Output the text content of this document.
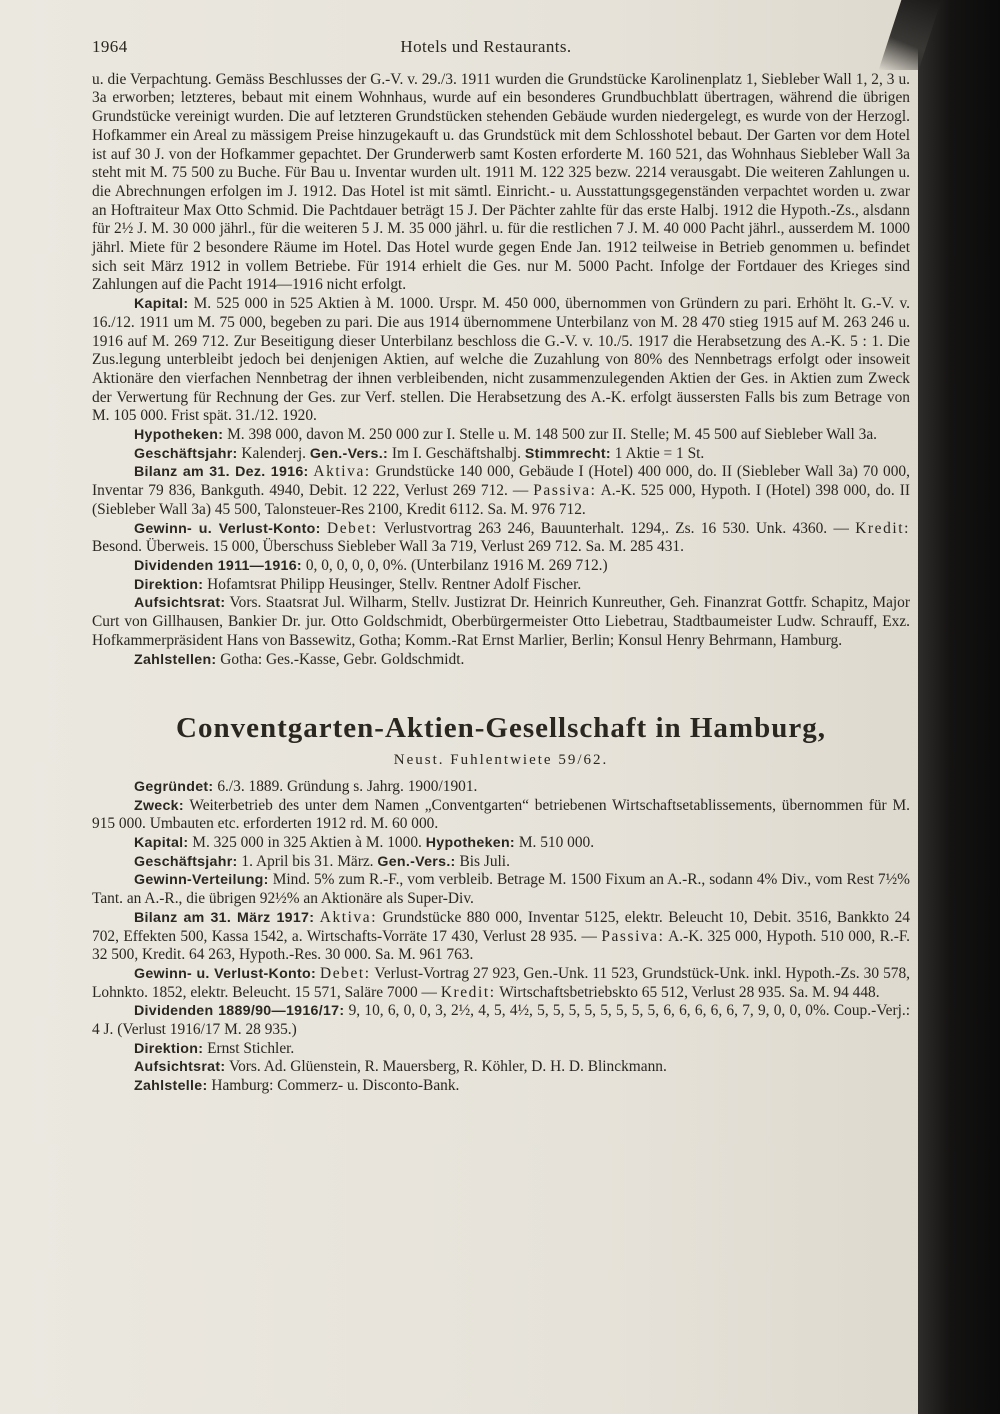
1964	Hotels und Restaurants.

u. die Verpachtung. Gemäss Beschlusses der G.-V. v. 29./3. 1911 wurden die Grundstücke Karolinenplatz 1, Siebleber Wall 1, 2, 3 u. 3a erworben; letzteres, bebaut mit einem Wohnhaus, wurde auf ein besonderes Grundbuchblatt übertragen, während die übrigen Grundstücke vereinigt wurden. Die auf letzteren Grundstücken stehenden Gebäude wurden niedergelegt, es wurde von der Herzogl. Hofkammer ein Areal zu mässigem Preise hinzugekauft u. das Grundstück mit dem Schlosshotel bebaut. Der Garten vor dem Hotel ist auf 30 J. von der Hofkammer gepachtet. Der Grunderwerb samt Kosten erforderte M. 160 521, das Wohnhaus Siebleber Wall 3a steht mit M. 75 500 zu Buche. Für Bau u. Inventar wurden ult. 1911 M. 122 325 bezw. 2214 verausgabt. Die weiteren Zahlungen u. die Abrechnungen erfolgen im J. 1912. Das Hotel ist mit sämtl. Einricht.- u. Ausstattungsgegenständen verpachtet worden u. zwar an Hoftraiteur Max Otto Schmid. Die Pachtdauer beträgt 15 J. Der Pächter zahlte für das erste Halbj. 1912 die Hypoth.-Zs., alsdann für 2½ J. M. 30 000 jährl., für die weiteren 5 J. M. 35 000 jährl. u. für die restlichen 7 J. M. 40 000 Pacht jährl., ausserdem M. 1000 jährl. Miete für 2 besondere Räume im Hotel. Das Hotel wurde gegen Ende Jan. 1912 teilweise in Betrieb genommen u. befindet sich seit März 1912 in vollem Betriebe. Für 1914 erhielt die Ges. nur M. 5000 Pacht. Infolge der Fortdauer des Krieges sind Zahlungen auf die Pacht 1914—1916 nicht erfolgt.

Kapital: M. 525 000 in 525 Aktien à M. 1000. Urspr. M. 450 000, übernommen von Gründern zu pari. Erhöht lt. G.-V. v. 16./12. 1911 um M. 75 000, begeben zu pari. Die aus 1914 übernommene Unterbilanz von M. 28 470 stieg 1915 auf M. 263 246 u. 1916 auf M. 269 712. Zur Beseitigung dieser Unterbilanz beschloss die G.-V. v. 10./5. 1917 die Herabsetzung des A.-K. 5 : 1. Die Zus.legung unterbleibt jedoch bei denjenigen Aktien, auf welche die Zuzahlung von 80% des Nennbetrags erfolgt oder insoweit Aktionäre den vierfachen Nennbetrag der ihnen verbleibenden, nicht zusammenzulegenden Aktien der Ges. in Aktien zum Zweck der Verwertung für Rechnung der Ges. zur Verf. stellen. Die Herabsetzung des A.-K. erfolgt äussersten Falls bis zum Betrage von M. 105 000. Frist spät. 31./12. 1920.

Hypotheken: M. 398 000, davon M. 250 000 zur I. Stelle u. M. 148 500 zur II. Stelle; M. 45 500 auf Siebleber Wall 3a.

Geschäftsjahr: Kalenderj. Gen.-Vers.: Im I. Geschäftshalbj. Stimmrecht: 1 Aktie = 1 St.

Bilanz am 31. Dez. 1916: Aktiva: Grundstücke 140 000, Gebäude I (Hotel) 400 000, do. II (Siebleber Wall 3a) 70 000, Inventar 79 836, Bankguth. 4940, Debit. 12 222, Verlust 269 712. — Passiva: A.-K. 525 000, Hypoth. I (Hotel) 398 000, do. II (Siebleber Wall 3a) 45 500, Talonsteuer-Res 2100, Kredit 6112. Sa. M. 976 712.

Gewinn- u. Verlust-Konto: Debet: Verlustvortrag 263 246, Bauunterhalt. 1294,. Zs. 16 530. Unk. 4360. — Kredit: Besond. Überweis. 15 000, Überschuss Siebleber Wall 3a 719, Verlust 269 712. Sa. M. 285 431.

Dividenden 1911—1916: 0, 0, 0, 0, 0, 0%. (Unterbilanz 1916 M. 269 712.)

Direktion: Hofamtsrat Philipp Heusinger, Stellv. Rentner Adolf Fischer.

Aufsichtsrat: Vors. Staatsrat Jul. Wilharm, Stellv. Justizrat Dr. Heinrich Kunreuther, Geh. Finanzrat Gottfr. Schapitz, Major Curt von Gillhausen, Bankier Dr. jur. Otto Goldschmidt, Oberbürgermeister Otto Liebetrau, Stadtbaumeister Ludw. Schrauff, Exz. Hofkammerpräsident Hans von Bassewitz, Gotha; Komm.-Rat Ernst Marlier, Berlin; Konsul Henry Behrmann, Hamburg.

Zahlstellen: Gotha: Ges.-Kasse, Gebr. Goldschmidt.

Conventgarten-Aktien-Gesellschaft in Hamburg,
Neust. Fuhlentwiete 59/62.

Gegründet: 6./3. 1889. Gründung s. Jahrg. 1900/1901.

Zweck: Weiterbetrieb des unter dem Namen „Conventgarten“ betriebenen Wirtschaftsetablissements, übernommen für M. 915 000. Umbauten etc. erforderten 1912 rd. M. 60 000.

Kapital: M. 325 000 in 325 Aktien à M. 1000. Hypotheken: M. 510 000.

Geschäftsjahr: 1. April bis 31. März. Gen.-Vers.: Bis Juli.

Gewinn-Verteilung: Mind. 5% zum R.-F., vom verbleib. Betrage M. 1500 Fixum an A.-R., sodann 4% Div., vom Rest 7½% Tant. an A.-R., die übrigen 92½% an Aktionäre als Super-Div.

Bilanz am 31. März 1917: Aktiva: Grundstücke 880 000, Inventar 5125, elektr. Beleucht 10, Debit. 3516, Bankkto 24 702, Effekten 500, Kassa 1542, a. Wirtschafts-Vorräte 17 430, Verlust 28 935. — Passiva: A.-K. 325 000, Hypoth. 510 000, R.-F. 32 500, Kredit. 64 263, Hypoth.-Res. 30 000. Sa. M. 961 763.

Gewinn- u. Verlust-Konto: Debet: Verlust-Vortrag 27 923, Gen.-Unk. 11 523, Grundstück-Unk. inkl. Hypoth.-Zs. 30 578, Lohnkto. 1852, elektr. Beleucht. 15 571, Saläre 7000 — Kredit: Wirtschaftsbetriebskto 65 512, Verlust 28 935. Sa. M. 94 448.

Dividenden 1889/90—1916/17: 9, 10, 6, 0, 0, 3, 2½, 4, 5, 4½, 5, 5, 5, 5, 5, 5, 5, 5, 6, 6, 6, 6, 6, 7, 9, 0, 0, 0%. Coup.-Verj.: 4 J. (Verlust 1916/17 M. 28 935.)

Direktion: Ernst Stichler.

Aufsichtsrat: Vors. Ad. Glüenstein, R. Mauersberg, R. Köhler, D. H. D. Blinckmann.

Zahlstelle: Hamburg: Commerz- u. Disconto-Bank.
